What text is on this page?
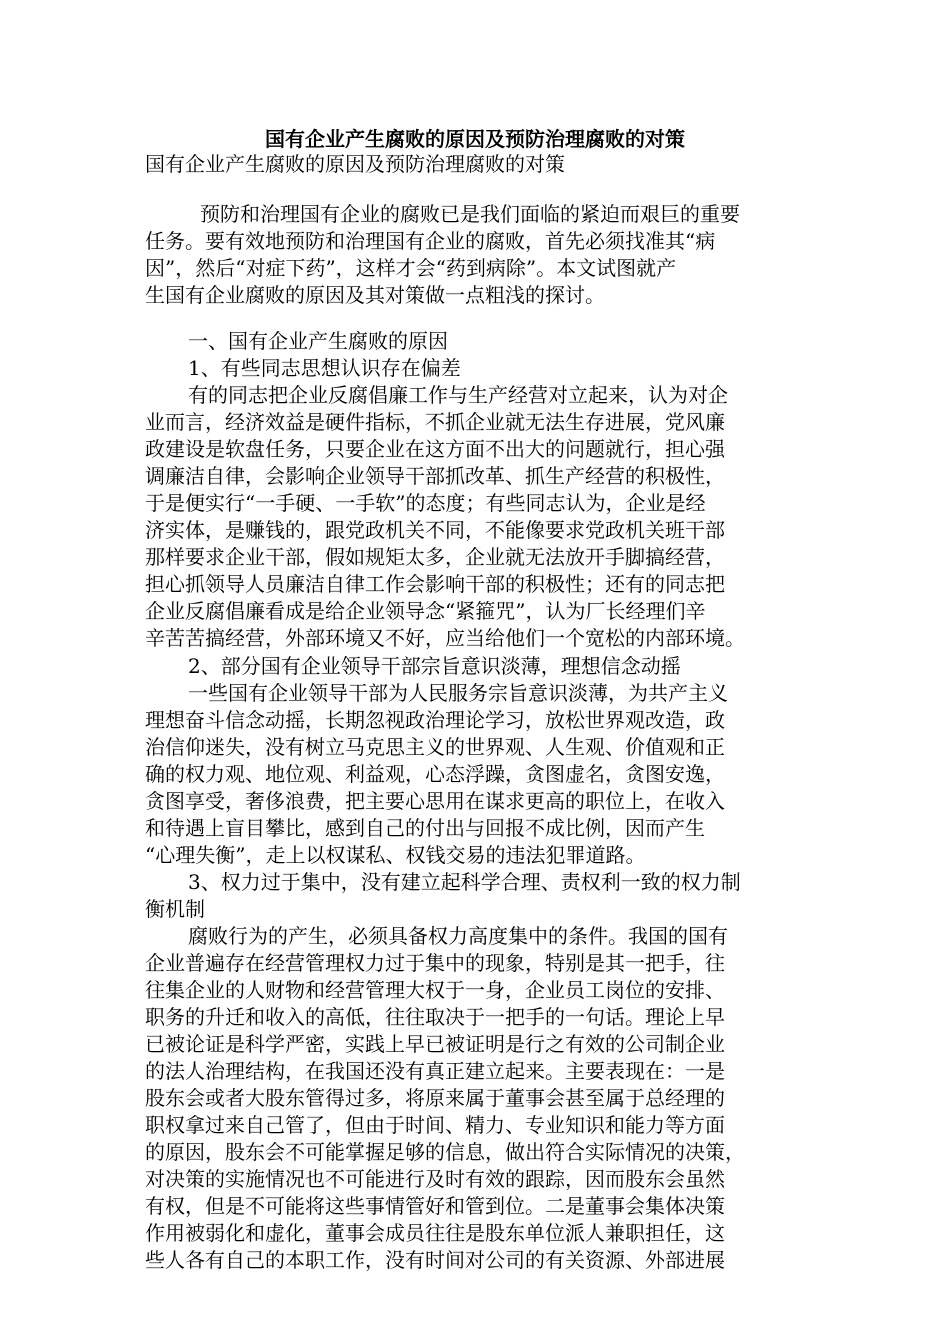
国有企业产生腐败的原因及预防治理腐败的对策
国有企业产生腐败的原因及预防治理腐败的对策
预防和治理国有企业的腐败已是我们面临的紧迫而艰巨的重要
任务。要有效地预防和治理国有企业的腐败，首先必须找准其“病
因”，然后“对症下药”，这样才会“药到病除”。本文试图就产
生国有企业腐败的原因及其对策做一点粗浅的探讨。
一、国有企业产生腐败的原因
1、有些同志思想认识存在偏差
有的同志把企业反腐倡廉工作与生产经营对立起来，认为对企
业而言，经济效益是硬件指标，不抓企业就无法生存进展，党风廉
政建设是软盘任务，只要企业在这方面不出大的问题就行，担心强
调廉洁自律，会影响企业领导干部抓改革、抓生产经营的积极性，
于是便实行“一手硬、一手软”的态度；有些同志认为，企业是经
济实体，是赚钱的，跟党政机关不同，不能像要求党政机关班干部
那样要求企业干部，假如规矩太多，企业就无法放开手脚搞经营，
担心抓领导人员廉洁自律工作会影响干部的积极性；还有的同志把
企业反腐倡廉看成是给企业领导念“紧箍咒”，认为厂长经理们辛
辛苦苦搞经营，外部环境又不好，应当给他们一个宽松的内部环境。
2、部分国有企业领导干部宗旨意识淡薄，理想信念动摇
一些国有企业领导干部为人民服务宗旨意识淡薄，为共产主义
理想奋斗信念动摇，长期忽视政治理论学习，放松世界观改造，政
治信仰迷失，没有树立马克思主义的世界观、人生观、价值观和正
确的权力观、地位观、利益观，心态浮躁，贪图虚名，贪图安逸，
贪图享受，奢侈浪费，把主要心思用在谋求更高的职位上，在收入
和待遇上盲目攀比，感到自己的付出与回报不成比例，因而产生
“心理失衡”，走上以权谋私、权钱交易的违法犯罪道路。
3、权力过于集中，没有建立起科学合理、责权利一致的权力制
衡机制
腐败行为的产生，必须具备权力高度集中的条件。我国的国有
企业普遍存在经营管理权力过于集中的现象，特别是其一把手，往
往集企业的人财物和经营管理大权于一身，企业员工岗位的安排、
职务的升迁和收入的高低，往往取决于一把手的一句话。理论上早
已被论证是科学严密，实践上早已被证明是行之有效的公司制企业
的法人治理结构，在我国还没有真正建立起来。主要表现在：一是
股东会或者大股东管得过多，将原来属于董事会甚至属于总经理的
职权拿过来自己管了，但由于时间、精力、专业知识和能力等方面
的原因，股东会不可能掌握足够的信息，做出符合实际情况的决策，
对决策的实施情况也不可能进行及时有效的跟踪，因而股东会虽然
有权，但是不可能将这些事情管好和管到位。二是董事会集体决策
作用被弱化和虚化，董事会成员往往是股东单位派人兼职担任，这
些人各有自己的本职工作，没有时间对公司的有关资源、外部进展
